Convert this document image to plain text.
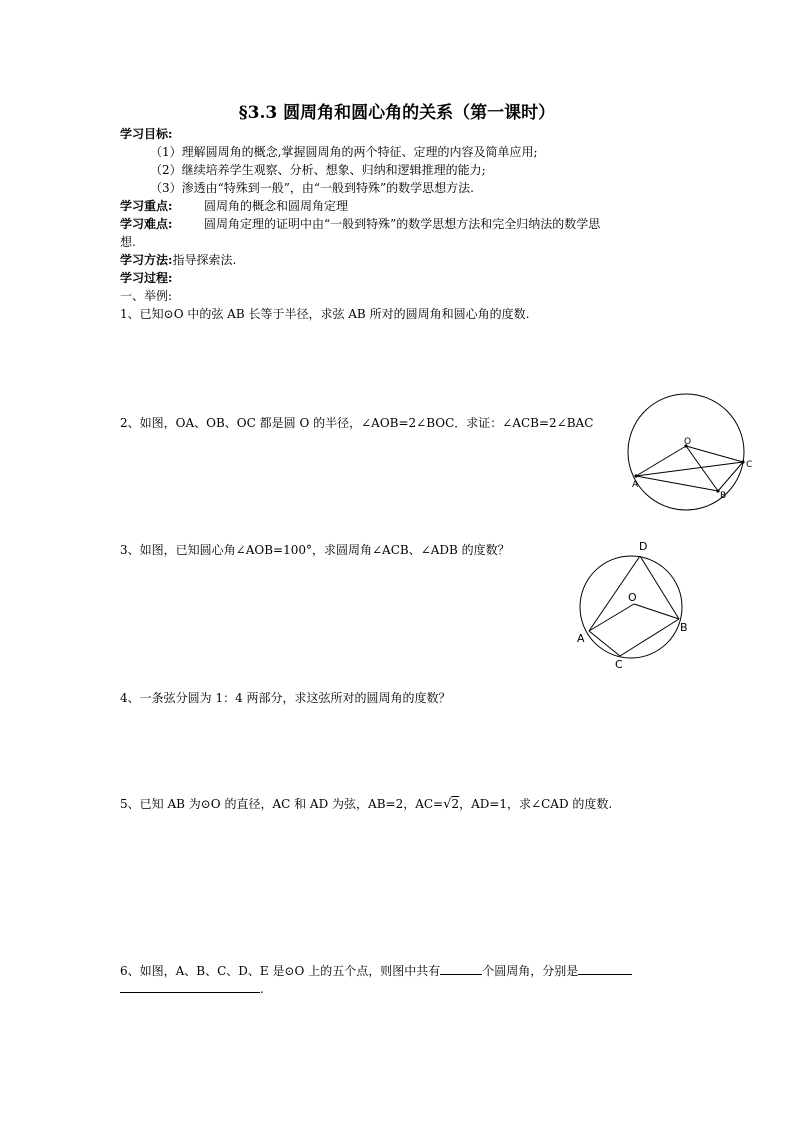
§3.3 圆周角和圆心角的关系（第一课时）
学习目标:
（1）理解圆周角的概念,掌握圆周角的两个特征、定理的内容及简单应用;
（2）继续培养学生观察、分析、想象、归纳和逻辑推理的能力;
（3）渗透由“特殊到一般”，由“一般到特殊”的数学思想方法.
学习重点:	圆周角的概念和圆周角定理
学习难点:	圆周角定理的证明中由“一般到特殊”的数学思想方法和完全归纳法的数学思
想.
学习方法:指导探索法.
学习过程:
一、举例:
1、已知⊙O 中的弦 AB 长等于半径，求弦 AB 所对的圆周角和圆心角的度数.
2、如图，OA、OB、OC 都是圆 O 的半径，∠AOB=2∠BOC．求证：∠ACB=2∠BAC
O
A
B
C
3、如图，已知圆心角∠AOB=100°，求圆周角∠ACB、∠ADB 的度数？	D
O
A
B
C
4、一条弦分圆为 1：4 两部分，求这弦所对的圆周角的度数？
5、已知 AB 为⊙O 的直径，AC 和 AD 为弦，AB=2，AC=√2，AD=1，求∠CAD 的度数.
6、如图，A、B、C、D、E 是⊙O 上的五个点，则图中共有	个圆周角，分别是
.
